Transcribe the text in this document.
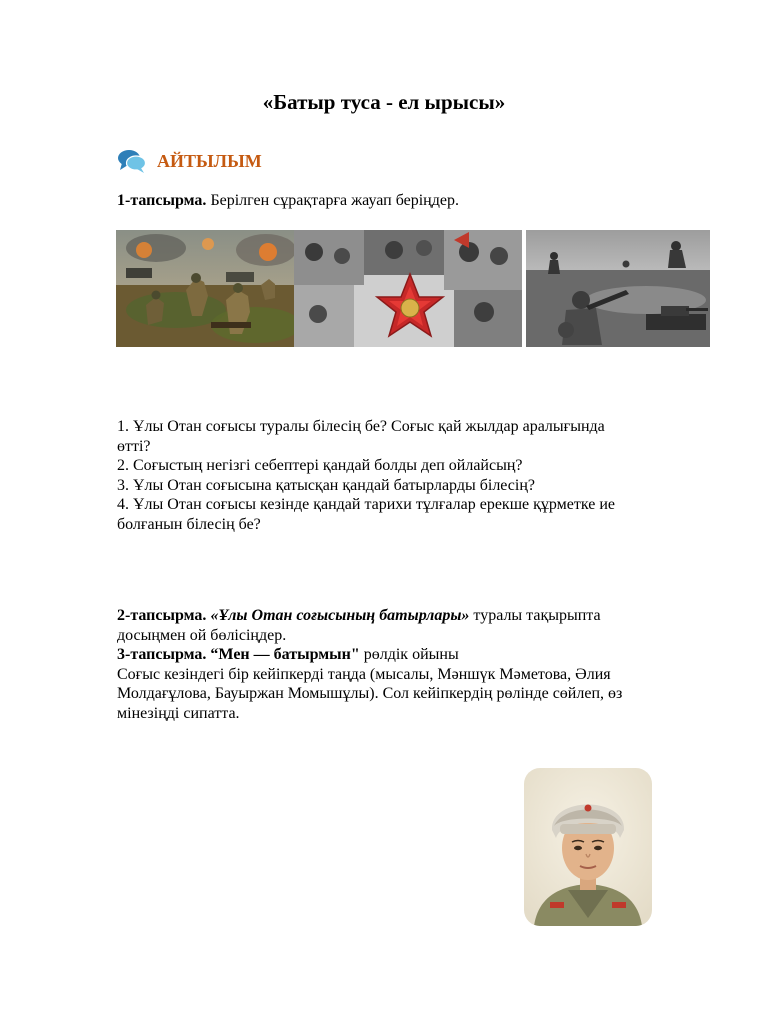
«Батыр туса - ел ырысы»
АЙТЫЛЫМ
1-тапсырма. Берілген сұрақтарға жауап беріңдер.

1. Ұлы Отан соғысы туралы білесің бе? Соғыс қай жылдар аралығында өтті?

2. Соғыстың негізгі себептері қандай болды деп ойлайсың?

3. Ұлы Отан соғысына қатысқан қандай батырларды білесің?

4. Ұлы Отан соғысы кезінде қандай тарихи тұлғалар ерекше құрметке ие болғанын білесің бе?

2-тапсырма. «Ұлы Отан соғысының батырлары» туралы тақырыпта досыңмен ой бөлісіңдер.

3-тапсырма. “Мен — батырмын" рөлдік ойыны

Соғыс кезіндегі бір кейіпкерді таңда (мысалы, Мәншүк Мәметова, Әлия Молдағұлова, Бауыржан Момышұлы). Сол кейіпкердің рөлінде сөйлеп, өз мінезіңді сипатта.
